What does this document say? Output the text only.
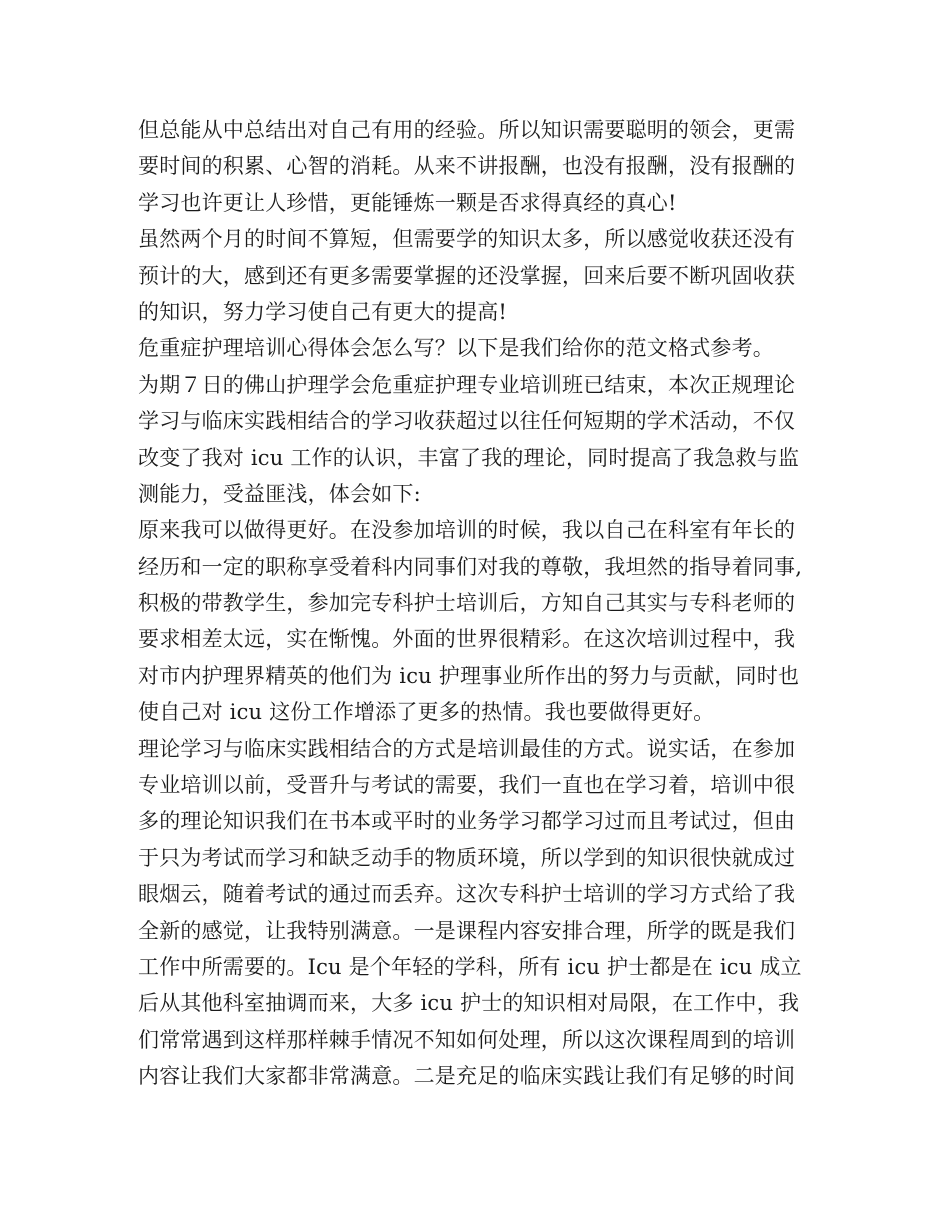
但总能从中总结出对自己有用的经验。所以知识需要聪明的领会，更需
要时间的积累、心智的消耗。从来不讲报酬，也没有报酬，没有报酬的
学习也许更让人珍惜，更能锤炼一颗是否求得真经的真心!
虽然两个月的时间不算短，但需要学的知识太多，所以感觉收获还没有
预计的大，感到还有更多需要掌握的还没掌握，回来后要不断巩固收获
的知识，努力学习使自己有更大的提高!
危重症护理培训心得体会怎么写？以下是我们给你的范文格式参考。
为期７日的佛山护理学会危重症护理专业培训班已结束，本次正规理论
学习与临床实践相结合的学习收获超过以往任何短期的学术活动，不仅
改变了我对 icu 工作的认识，丰富了我的理论，同时提高了我急救与监
测能力，受益匪浅，体会如下:
原来我可以做得更好。在没参加培训的时候，我以自己在科室有年长的
经历和一定的职称享受着科内同事们对我的尊敬，我坦然的指导着同事,
积极的带教学生，参加完专科护士培训后，方知自己其实与专科老师的
要求相差太远，实在惭愧。外面的世界很精彩。在这次培训过程中，我
对市内护理界精英的他们为 icu 护理事业所作出的努力与贡献，同时也
使自己对 icu 这份工作增添了更多的热情。我也要做得更好。
理论学习与临床实践相结合的方式是培训最佳的方式。说实话，在参加
专业培训以前，受晋升与考试的需要，我们一直也在学习着，培训中很
多的理论知识我们在书本或平时的业务学习都学习过而且考试过，但由
于只为考试而学习和缺乏动手的物质环境，所以学到的知识很快就成过
眼烟云，随着考试的通过而丢弃。这次专科护士培训的学习方式给了我
全新的感觉，让我特别满意。一是课程内容安排合理，所学的既是我们
工作中所需要的。Icu 是个年轻的学科，所有 icu 护士都是在 icu 成立
后从其他科室抽调而来，大多 icu 护士的知识相对局限，在工作中，我
们常常遇到这样那样棘手情况不知如何处理，所以这次课程周到的培训
内容让我们大家都非常满意。二是充足的临床实践让我们有足够的时间
